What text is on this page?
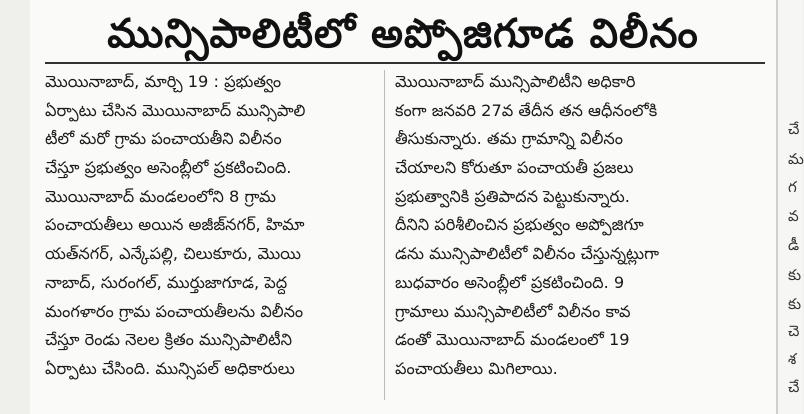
మున్సిపాలిటీలో అప్పోజిగూడ విలీనం
మొయినాబాద్, మార్చి 19 : ప్రభుత్వం
ఏర్పాటు చేసిన మొయినాబాద్ మున్సిపాలి
టీలో మరో గ్రామ పంచాయతీని విలీనం
చేస్తూ ప్రభుత్వం అసెంబ్లీలో ప్రకటించింది.
మొయినాబాద్ మండలంలోని 8 గ్రామ
పంచాయతీలు అయిన అజీజ్‌నగర్, హిమా
యత్‌నగర్, ఎన్కేపల్లి, చిలుకూరు, మొయి
నాబాద్, సురంగల్, ముర్తుజాగూడ, పెద్ద
మంగళారం గ్రామ పంచాయతీలను విలీనం
చేస్తూ రెండు నెలల క్రితం మున్సిపాలిటీని
ఏర్పాటు చేసింది. మున్సిపల్ అధికారులు
మొయినాబాద్ మున్సిపాలిటీని అధికారి
కంగా జనవరి 27వ తేదీన తన ఆధీనంలోకి
తీసుకున్నారు. తమ గ్రామాన్ని విలీనం
చేయాలని కోరుతూ పంచాయతీ ప్రజలు
ప్రభుత్వానికి ప్రతిపాదన పెట్టుకున్నారు.
దీనిని పరిశీలించిన ప్రభుత్వం అప్పోజిగూ
డను మున్సిపాలిటీలో విలీనం చేస్తున్నట్లుగా
బుధవారం అసెంబ్లీలో ప్రకటించింది. 9
గ్రామాలు మున్సిపాలిటీలో విలీనం కావ
డంతో మొయినాబాద్ మండలంలో 19
పంచాయతీలు మిగిలాయి.
చే
మ
గ
వ
డీ
కు
కు
చె
శ
చే
